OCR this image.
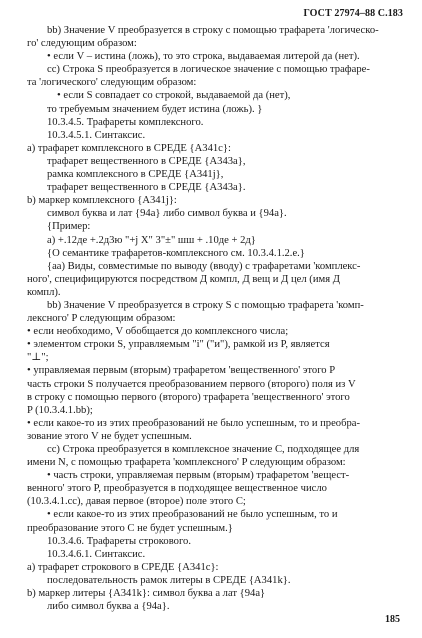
ГОСТ 27974–88 С.183
bb) Значение V преобразуется в строку с помощью трафарета 'логическо-
го' следующим образом:
• если V – истина (ложь), то это строка, выдаваемая литерой да (нет).
cc) Строка S преобразуется в логическое значение с помощью трафаре-
та 'логического' следующим образом:
• если S совпадает со строкой, выдаваемой да (нет),
то требуемым значением будет истина (ложь). }
10.3.4.5. Трафареты комплексного.
10.3.4.5.1. Синтаксис.
a) трафарет комплексного в СРЕДЕ {A341c}:
трафарет вещественного в СРЕДЕ {A343a},
рамка комплексного в СРЕДЕ {A341j},
трафарет вещественного в СРЕДЕ {A343a}.
b) маркер комплексного {A341j}:
символ буква и лат {94a} либо символ буква и {94a}.
{Пример:
a) +.12де +.2д3ю "+j X" 3"±" шш + .10де + 2д}
{О семантике трафаретов-комплексного см. 10.3.4.1.2.e.}
{aa) Виды, совместимые по выводу (вводу) с трафаретами 'комплекс-
ного', специфицируются посредством Д компл, Д вещ и Д цел (имя Д
компл).
bb) Значение V преобразуется в строку S с помощью трафарета 'комп-
лексного' P следующим образом:
• если необходимо, V обобщается до комплексного числа;
• элементом строки S, управляемым "i" ("и"), рамкой из P, является
"⊥";
• управляемая первым (вторым) трафаретом 'вещественного' этого P
часть строки S получается преобразованием первого (второго) поля из V
в строку с помощью первого (второго) трафарета 'вещественного' этого
P (10.3.4.1.bb);
• если какое-то из этих преобразований не было успешным, то и преобра-
зование этого V не будет успешным.
cc) Строка преобразуется в комплексное значение C, подходящее для
имени N, с помощью трафарета 'комплексного' P следующим образом:
• часть строки, управляемая первым (вторым) трафаретом 'вещест-
венного' этого P, преобразуется в подходящее вещественное число
(10.3.4.1.cc), давая первое (второе) поле этого C;
• если какое-то из этих преобразований не было успешным, то и
преобразование этого C не будет успешным.}
10.3.4.6. Трафареты строкового.
10.3.4.6.1. Синтаксис.
a) трафарет строкового в СРЕДЕ {A341c}:
последовательность рамок литеры в СРЕДЕ {A341k}.
b) маркер литеры {A341k}: символ буква а лат {94a}
либо символ буква а {94a}.
185
